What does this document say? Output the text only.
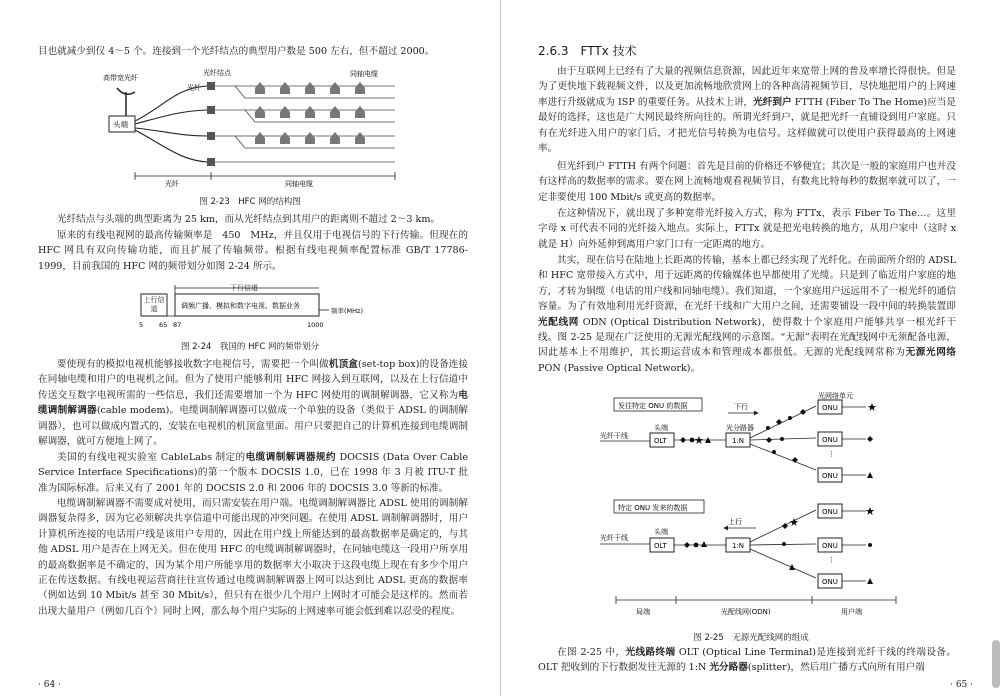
目也就减少到仅 4～5 个。连接到一个光纤结点的典型用户数是 500 左右，但不超过 2000。

高带宽光纤
光纤结点	同轴电缆
光纤
头端
光纤	同轴电缆
图 2-23　HFC 网的结构图

光纤结点与头端的典型距离为 25 km，而从光纤结点到其用户的距离则不超过 2～3 km。

原来的有线电视网的最高传输频率是　450　MHz，并且仅用于电视信号的下行传输。但现在的 HFC 网具有双向传输功能，而且扩展了传输频带。根据有线电视频率配置标准 GB/T 17786-1999，目前我国的 HFC 网的频带划分如图 2-24 所示。

下行信道
上行信道	调频广播、模拟和数字电视、数据业务
频率(MHz)
5 65 87	1000
图 2-24　我国的 HFC 网的频带划分

要使现有的模拟电视机能够接收数字电视信号，需要把一个叫做机顶盒(set-top box)的设备连接在同轴电缆和用户的电视机之间。但为了使用户能够利用 HFC 网接入到互联网，以及在上行信道中传送交互数字电视所需的一些信息，我们还需要增加一个为 HFC 网使用的调制解调器，它又称为电缆调制解调器(cable modem)。电缆调制解调器可以做成一个单独的设备（类似于 ADSL 的调制解调器），也可以做成内置式的，安装在电视机的机顶盒里面。用户只要把自己的计算机连接到电缆调制解调器，就可方便地上网了。

美国的有线电视实验室 CableLabs 制定的电缆调制解调器规约 DOCSIS (Data Over Cable Service Interface Specifications)的第一个版本 DOCSIS 1.0，已在 1998 年 3 月被 ITU-T 批准为国际标准。后来又有了 2001 年的 DOCSIS 2.0 和 2006 年的 DOCSIS 3.0 等新的标准。

电缆调制解调器不需要成对使用，而只需安装在用户端。电缆调制解调器比 ADSL 使用的调制解调器复杂得多，因为它必须解决共享信道中可能出现的冲突问题。在使用 ADSL 调制解调器时，用户计算机所连接的电话用户线是该用户专用的，因此在用户线上所能达到的最高数据率是确定的，与其他 ADSL 用户是否在上网无关。但在使用 HFC 的电缆调制解调器时，在同轴电缆这一段用户所享用的最高数据率是不确定的，因为某个用户所能享用的数据率大小取决于这段电缆上现在有多少个用户正在传送数据。有线电视运营商往往宣传通过电缆调制解调器上网可以达到比 ADSL 更高的数据率（例如达到 10 Mbit/s 甚至 30 Mbit/s），但只有在很少几个用户上网时才可能会是这样的。然而若出现大量用户（例如几百个）同时上网，那么每个用户实际的上网速率可能会低到难以忍受的程度。

· 64 ·
2.6.3　FTTx 技术

由于互联网上已经有了大量的视频信息资源，因此近年来宽带上网的普及率增长得很快。但是为了更快地下载视频文件，以及更加流畅地欣赏网上的各种高清视频节目，尽快地把用户的上网速率进行升级就成为 ISP 的重要任务。从技术上讲，光纤到户 FTTH (Fiber To The Home)应当是最好的选择，这也是广大网民最终所向往的。所谓光纤到户，就是把光纤一直铺设到用户家庭。只有在光纤进入用户的家门后，才把光信号转换为电信号。这样做就可以使用户获得最高的上网速率。

但光纤到户 FTTH 有两个问题：首先是目前的价格还不够便宜；其次是一般的家庭用户也并没有这样高的数据率的需求。要在网上流畅地观看视频节目，有数兆比特每秒的数据率就可以了，一定非要使用 100 Mbit/s 或更高的数据率。

在这种情况下，就出现了多种宽带光纤接入方式，称为 FTTx，表示 Fiber To The…。这里字母 x 可代表不同的光纤接入地点。实际上，FTTx 就是把光电转换的地方，从用户家中（这时 x 就是 H）向外延伸到离用户家门口有一定距离的地方。

其实，现在信号在陆地上长距离的传输，基本上都已经实现了光纤化。在前面所介绍的 ADSL 和 HFC 宽带接入方式中，用于远距离的传输媒体也早都使用了光缆。只是到了临近用户家庭的地方，才转为铜缆（电话的用户线和同轴电缆）。我们知道，一个家庭用户远远用不了一根光纤的通信容量。为了有效地利用光纤资源，在光纤干线和广大用户之间，还需要铺设一段中间的转换装置即光配线网 ODN (Optical Distribution Network)，使得数十个家庭用户能够共享一根光纤干线。图 2-25 是现在广泛使用的无源光配线网的示意图。“无源”表明在光配线网中无须配备电源，因此基本上不用维护，其长期运营成本和管理成本都很低。无源的光配线网常称为无源光网络 PON (Passive Optical Network)。

发往特定 ONU 的数据	下行
光网络单元
头端	光分路器
光纤干线
OLT	1:N
ONU
ONU
ONU
⋮
特定 ONU 发来的数据
上行
头端
光纤干线
OLT	1:N
ONU
ONU
ONU
⋮
局端	光配线网(ODN)	用户端
图 2-25　无源光配线网的组成

在图 2-25 中，光线路终端 OLT (Optical Line Terminal)是连接到光纤干线的终端设备。OLT 把收到的下行数据发往无源的 1:N 光分路器(splitter)，然后用广播方式向所有用户端

· 65 ·
